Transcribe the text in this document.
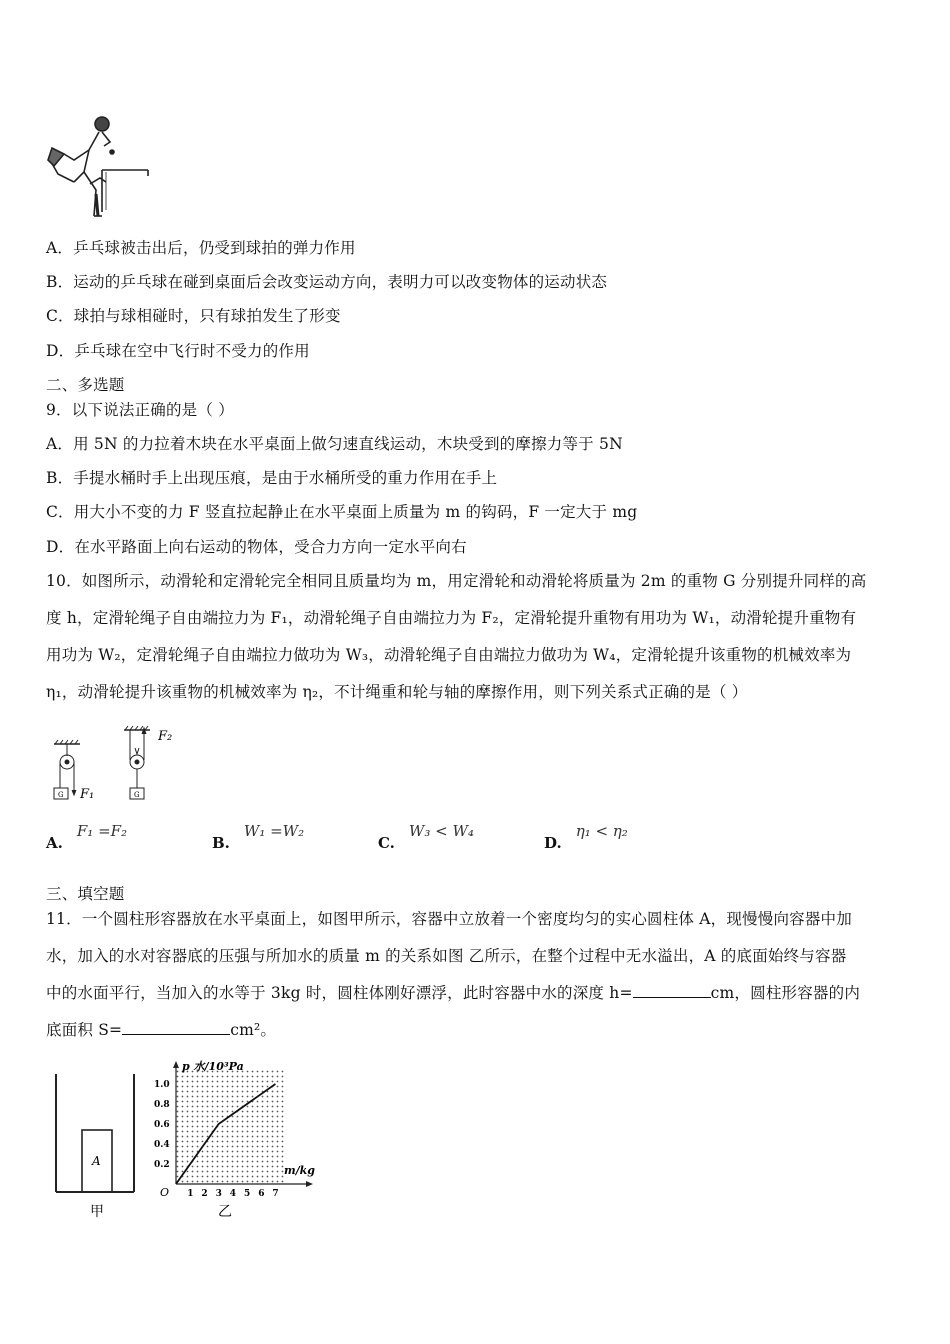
A．乒乓球被击出后，仍受到球拍的弹力作用
B．运动的乒乓球在碰到桌面后会改变运动方向，表明力可以改变物体的运动状态
C．球拍与球相碰时，只有球拍发生了形变
D．乒乓球在空中飞行时不受力的作用
二、多选题
9．以下说法正确的是（ ）
A．用 5N 的力拉着木块在水平桌面上做匀速直线运动，木块受到的摩擦力等于 5N
B．手提水桶时手上出现压痕，是由于水桶所受的重力作用在手上
C．用大小不变的力 F 竖直拉起静止在水平桌面上质量为 m 的钩码，F 一定大于 mg
D．在水平路面上向右运动的物体，受合力方向一定水平向右
10．如图所示，动滑轮和定滑轮完全相同且质量均为 m，用定滑轮和动滑轮将质量为 2m 的重物 G 分别提升同样的高
度 h，定滑轮绳子自由端拉力为 F₁，动滑轮绳子自由端拉力为 F₂，定滑轮提升重物有用功为 W₁，动滑轮提升重物有
用功为 W₂，定滑轮绳子自由端拉力做功为 W₃，动滑轮绳子自由端拉力做功为 W₄，定滑轮提升该重物的机械效率为
η₁，动滑轮提升该重物的机械效率为 η₂，不计绳重和轮与轴的摩擦作用，则下列关系式正确的是（ ）
G	G
F₁
F₂
A.F₁ =F₂
B.W₁ =W₂
C.W₃ < W₄
D.η₁ < η₂
三、填空题
11．一个圆柱形容器放在水平桌面上，如图甲所示，容器中立放着一个密度均匀的实心圆柱体 A，现慢慢向容器中加
水，加入的水对容器底的压强与所加水的质量 m 的关系如图 乙所示，在整个过程中无水溢出，A 的底面始终与容器
中的水面平行，当加入的水等于 3kg 时，圆柱体刚好漂浮，此时容器中水的深度 h=	cm，圆柱形容器的内
底面积 S=	cm²。
A
甲
1 2 3 4 5 6 7
0.2
0.4
0.6
0.8
1.0
p 水/10³Pa
m/kg
O
乙
